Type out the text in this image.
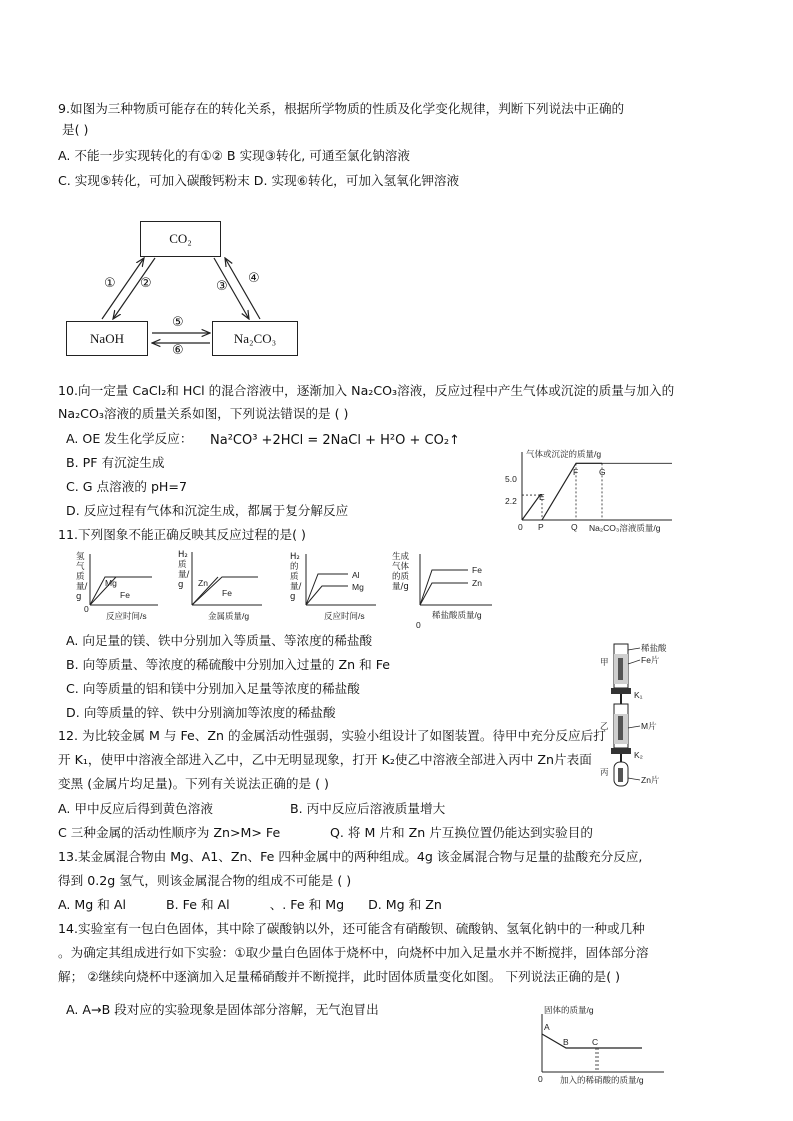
9.如图为三种物质可能存在的转化关系，根据所学物质的性质及化学变化规律，判断下列说法中正确的
是( )
A. 不能一步实现转化的有①② B 实现③转化, 可通至氯化钠溶液
C. 实现⑤转化，可加入碳酸钙粉末 D. 实现⑥转化，可加入氢氧化钾溶液
CO₂
NaOH	Na₂CO₃
① ②	③
④
⑤
⑥
10.向一定量 CaCl₂和 HCl 的混合溶液中，逐渐加入 Na₂CO₃溶液，反应过程中产生气体或沉淀的质量与加入的
Na₂CO₃溶液的质量关系如图，下列说法错误的是 ( )
A. OE 发生化学反应： Na²CO³ +2HCl = 2NaCl + H²O + CO₂↑
B. PF 有沉淀生成
C. G 点溶液的 pH=7
D. 反应过程有气体和沉淀生成，都属于复分解反应
气体或沉淀的质量/g
5.0
2.2
0 P	Q Na₂CO₃溶液质量/g
E
F G
11.下列图象不能正确反映其反应过程的是( )
氢气质量/g
0
Mg
Fe
反应时间/s
H₂质量/g	Zn
Fe
金属质量/g
H₂的质量/g
Al
Mg
反应时间/s
生成气体的质量/g
Fe
Zn
稀盐酸质量/g
0
A. 向足量的镁、铁中分别加入等质量、等浓度的稀盐酸
B. 向等质量、等浓度的稀硫酸中分别加入过量的 Zn 和 Fe
C. 向等质量的铝和镁中分别加入足量等浓度的稀盐酸
D. 向等质量的锌、铁中分别滴加等浓度的稀盐酸
稀盐酸
Fe片
甲
K₁
乙	M片
K₂
丙
Zn片
12. 为比较金属 M 与 Fe、Zn 的金属活动性强弱，实验小组设计了如图装置。待甲中充分反应后打
开 K₁，使甲中溶液全部进入乙中，乙中无明显现象，打开 K₂使乙中溶液全部进入丙中 Zn片表面
变黑 (金属片均足量)。下列有关说法正确的是 ( )
A. 甲中反应后得到黄色溶液	B. 丙中反应后溶液质量增大
C 三种金属的活动性顺序为 Zn>M> Fe	Q. 将 M 片和 Zn 片互换位置仍能达到实验目的
13.某金属混合物由 Mg、A1、Zn、Fe 四种金属中的两种组成。4g 该金属混合物与足量的盐酸充分反应,
得到 0.2g 氢气，则该金属混合物的组成不可能是 ( )
A. Mg 和 Al          B. Fe 和 Al          、. Fe 和 Mg      D. Mg 和 Zn
14.实验室有一包白色固体，其中除了碳酸钠以外，还可能含有硝酸钡、硫酸钠、氢氧化钠中的一种或几种
。为确定其组成进行如下实验：①取少量白色固体于烧杯中，向烧杯中加入足量水并不断搅拌，固体部分溶
解； ②继续向烧杯中逐滴加入足量稀硝酸并不断搅拌，此时固体质量变化如图。 下列说法正确的是( )
A. A→B 段对应的实验现象是固体部分溶解，无气泡冒出	固体的质量/g
A
B	C
0 加入的稀硝酸的质量/g
